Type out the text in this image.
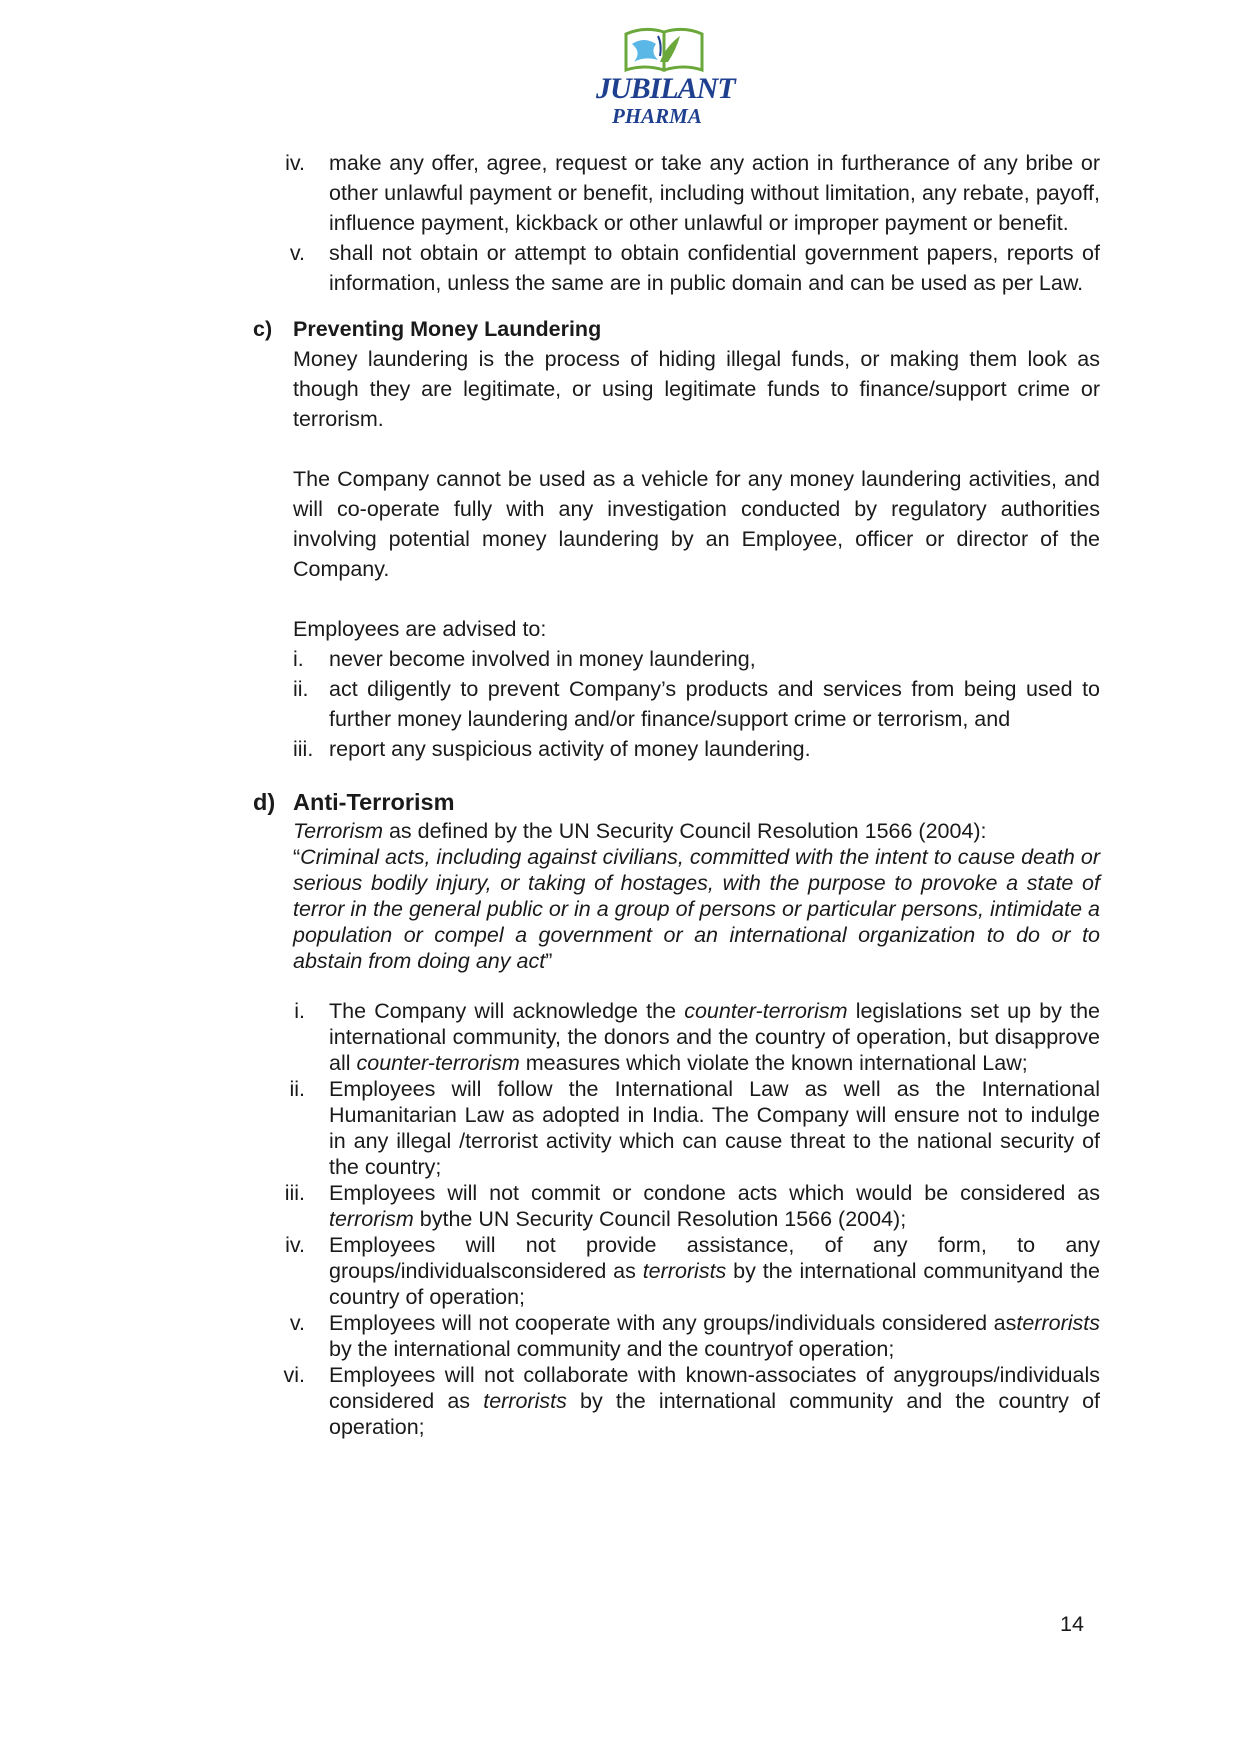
JUBILANT
PHARMA
iv.	make any offer, agree, request or take any action in furtherance of any bribe or other unlawful payment or benefit, including without limitation, any rebate, payoff, influence payment, kickback or other unlawful or improper payment or benefit.
v.	shall not obtain or attempt to obtain confidential government papers, reports of information, unless the same are in public domain and can be used as per Law.
c) Preventing Money Laundering

Money laundering is the process of hiding illegal funds, or making them look as though they are legitimate, or using legitimate funds to finance/support crime or terrorism.

The Company cannot be used as a vehicle for any money laundering activities, and will co-operate fully with any investigation conducted by regulatory authorities involving potential money laundering by an Employee, officer or director of the Company.

Employees are advised to:

i.	never become involved in money laundering,
ii. act diligently to prevent Company’s products and services from being used to further money laundering and/or finance/support crime or terrorism, and
iii. report any suspicious activity of money laundering.
d) Anti-Terrorism

Terrorism as defined by the UN Security Council Resolution 1566 (2004):

“Criminal acts, including against civilians, committed with the intent to cause death or serious bodily injury, or taking of hostages, with the purpose to provoke a state of terror in the general public or in a group of persons or particular persons, intimidate a population or compel a government or an international organization to do or to abstain from doing any act”

i.	The Company will acknowledge the counter-terrorism legislations set up by the international community, the donors and the country of operation, but disapprove all counter-terrorism measures which violate the known international Law;
ii.	Employees will follow the International Law as well as the International Humanitarian Law as adopted in India. The Company will ensure not to indulge in any illegal /terrorist activity which can cause threat to the national security of the country;
iii.	Employees will not commit or condone acts which would be considered as terrorism bythe UN Security Council Resolution 1566 (2004);
iv.	Employees will not provide assistance, of any form, to any groups/individualsconsidered as terrorists by the international communityand the country of operation;
v.	Employees will not cooperate with any groups/individuals considered asterrorists by the international community and the countryof operation;
vi.	Employees will not collaborate with known-associates of anygroups/individuals considered as terrorists by the international community and the country of operation;
14
